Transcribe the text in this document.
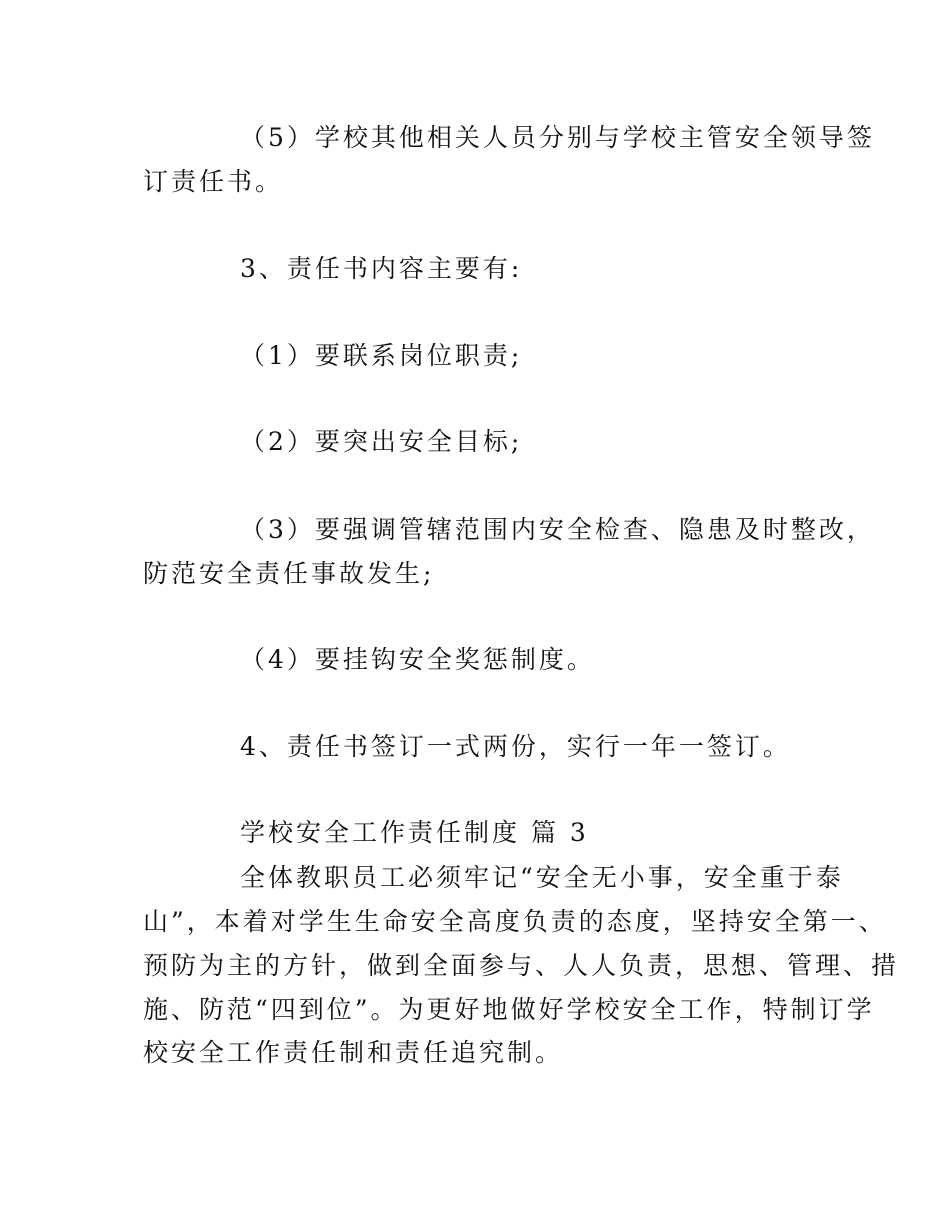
（5）学校其他相关人员分别与学校主管安全领导签
订责任书。
3、责任书内容主要有:
（1）要联系岗位职责;
（2）要突出安全目标;
（3）要强调管辖范围内安全检查、隐患及时整改，
防范安全责任事故发生;
（4）要挂钩安全奖惩制度。
4、责任书签订一式两份，实行一年一签订。
学校安全工作责任制度 篇 3
全体教职员工必须牢记“安全无小事，安全重于泰
山”，本着对学生生命安全高度负责的态度，坚持安全第一、
预防为主的方针，做到全面参与、人人负责，思想、管理、措
施、防范“四到位”。为更好地做好学校安全工作，特制订学
校安全工作责任制和责任追究制。
